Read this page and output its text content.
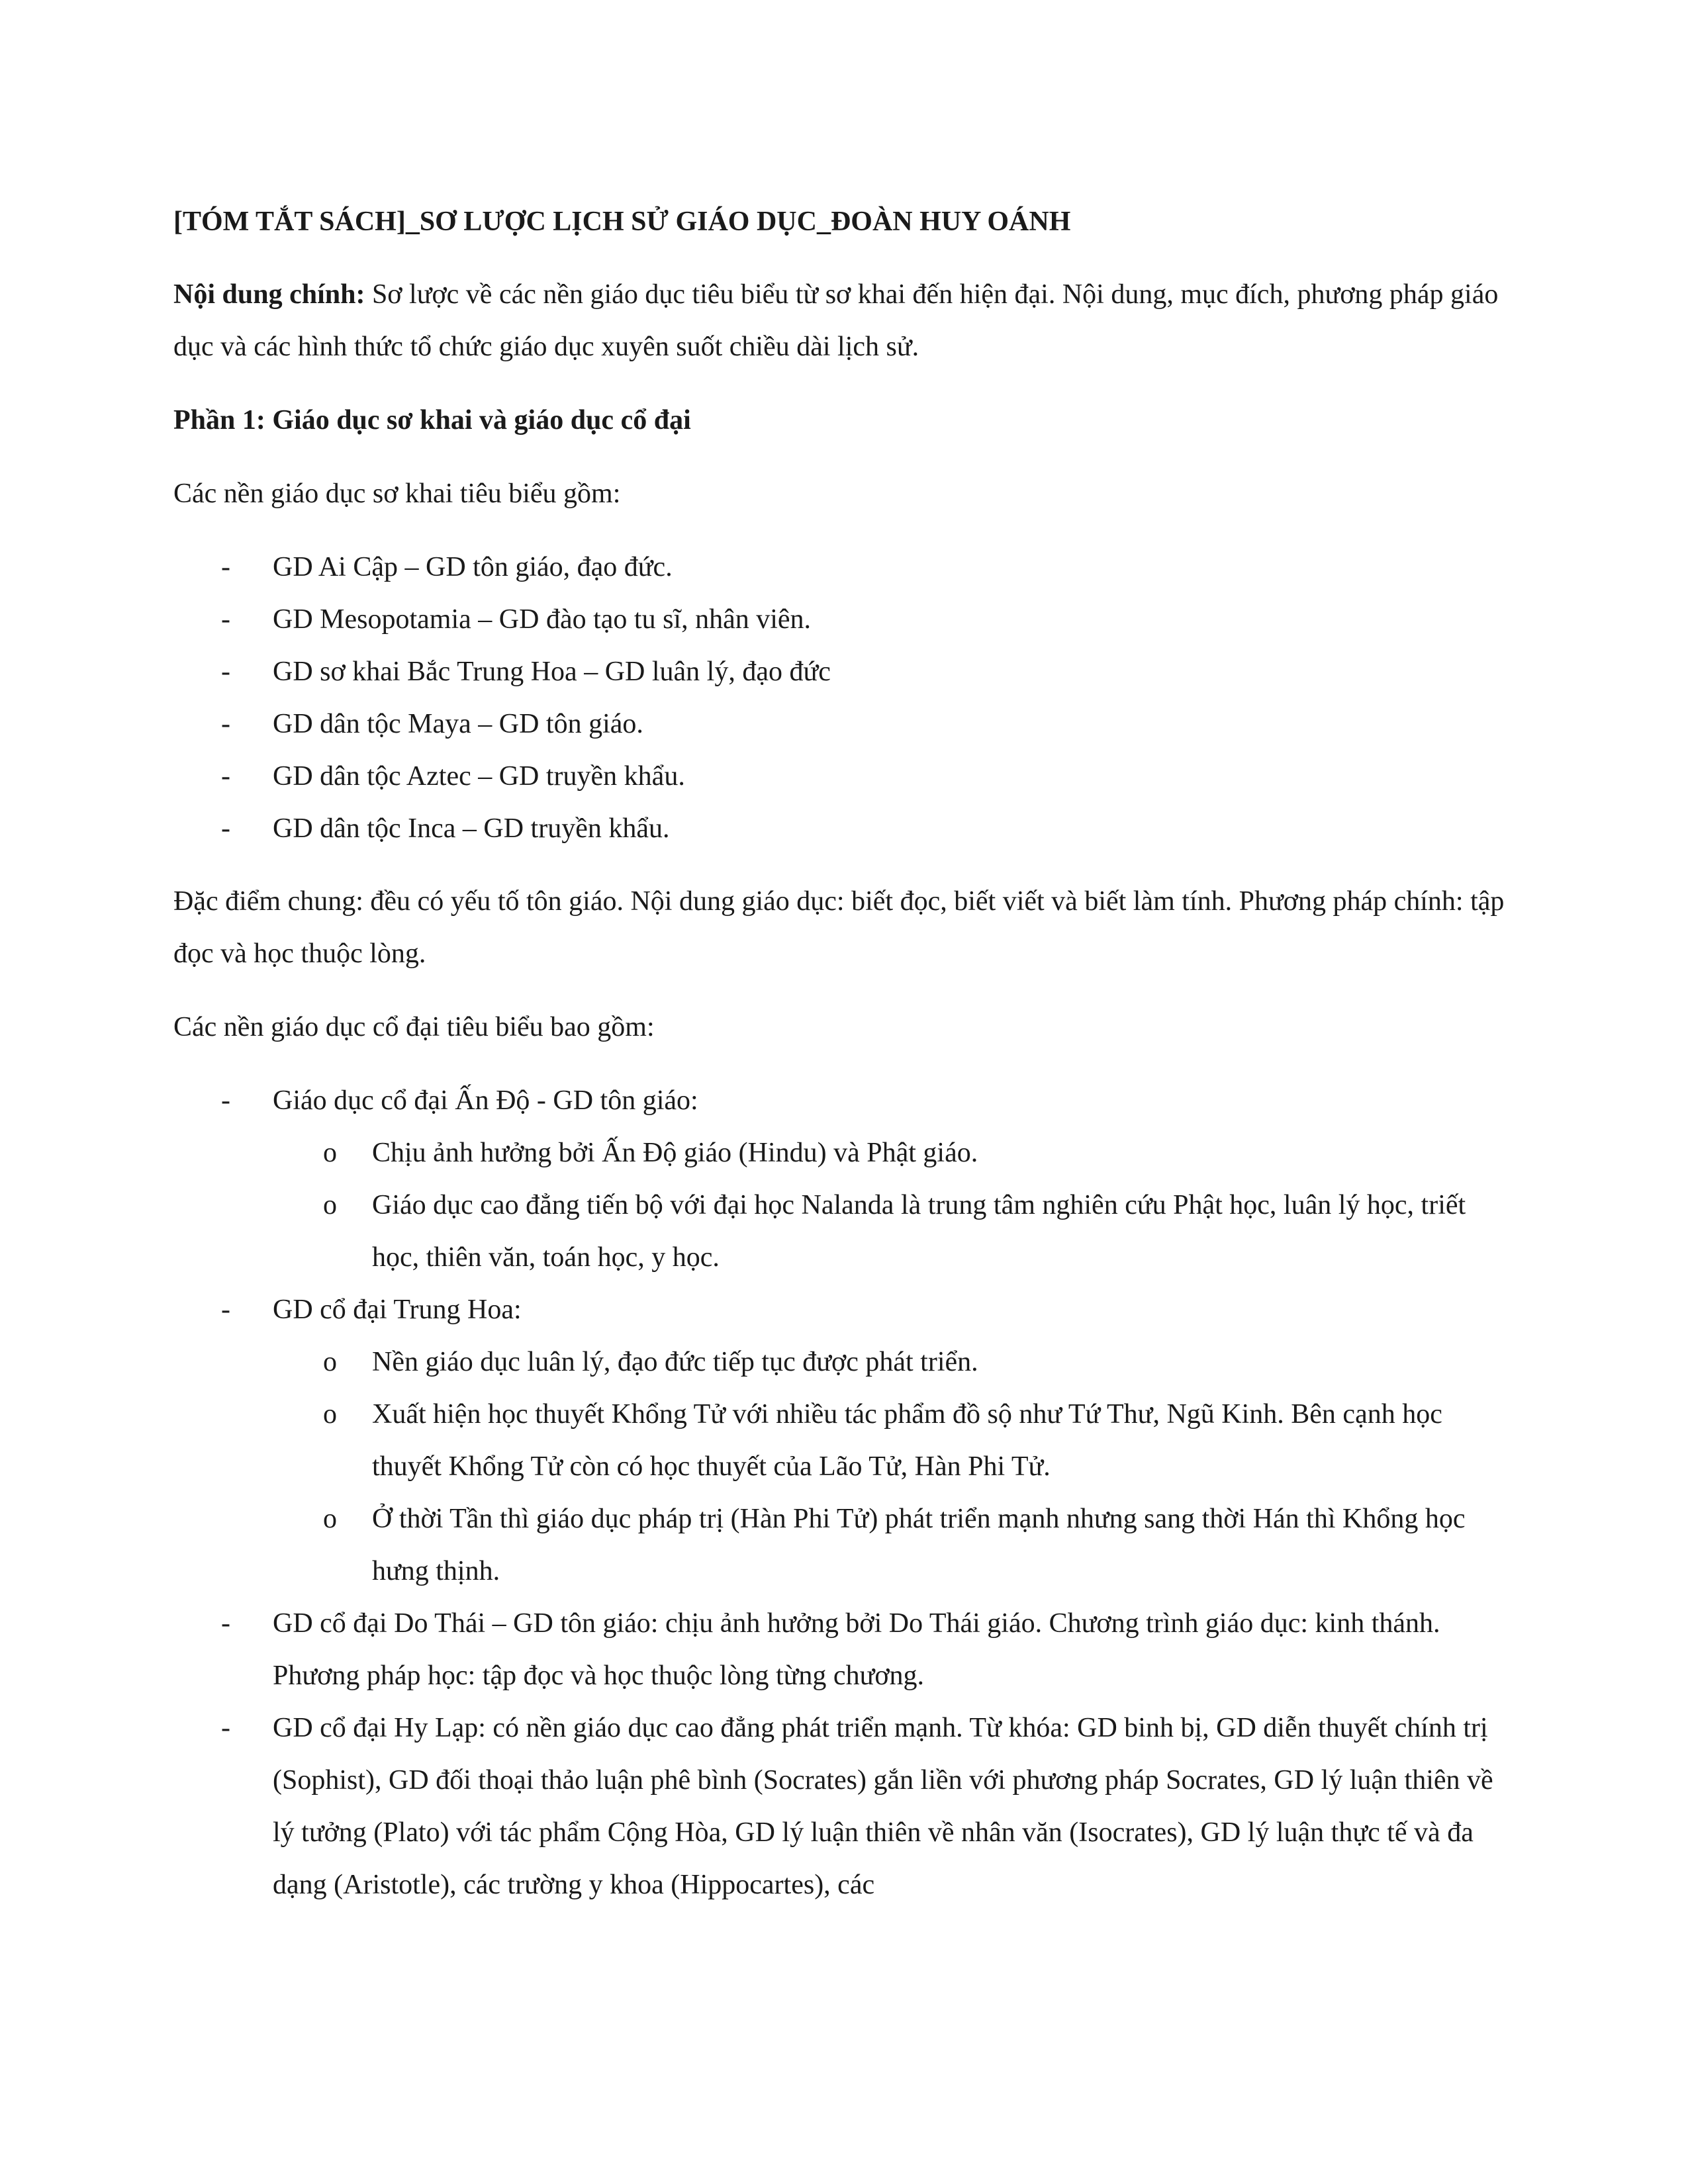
[TÓM TẮT SÁCH]_SƠ LƯỢC LỊCH SỬ GIÁO DỤC_ĐOÀN HUY OÁNH

Nội dung chính: Sơ lược về các nền giáo dục tiêu biểu từ sơ khai đến hiện đại. Nội dung, mục đích, phương pháp giáo dục và các hình thức tổ chức giáo dục xuyên suốt chiều dài lịch sử.

Phần 1: Giáo dục sơ khai và giáo dục cổ đại

Các nền giáo dục sơ khai tiêu biểu gồm:

- GD Ai Cập – GD tôn giáo, đạo đức.
- GD Mesopotamia – GD đào tạo tu sĩ, nhân viên.
- GD sơ khai Bắc Trung Hoa – GD luân lý, đạo đức
- GD dân tộc Maya – GD tôn giáo.
- GD dân tộc Aztec – GD truyền khẩu.
- GD dân tộc Inca – GD truyền khẩu.

Đặc điểm chung: đều có yếu tố tôn giáo. Nội dung giáo dục: biết đọc, biết viết và biết làm tính. Phương pháp chính: tập đọc và học thuộc lòng.

Các nền giáo dục cổ đại tiêu biểu bao gồm:

- Giáo dục cổ đại Ấn Độ - GD tôn giáo:
o Chịu ảnh hưởng bởi Ấn Độ giáo (Hindu) và Phật giáo.
o Giáo dục cao đẳng tiến bộ với đại học Nalanda là trung tâm nghiên cứu Phật học, luân lý học, triết học, thiên văn, toán học, y học.
- GD cổ đại Trung Hoa:
o Nền giáo dục luân lý, đạo đức tiếp tục được phát triển.
o Xuất hiện học thuyết Khổng Tử với nhiều tác phẩm đồ sộ như Tứ Thư, Ngũ Kinh. Bên cạnh học thuyết Khổng Tử còn có học thuyết của Lão Tử, Hàn Phi Tử.
o Ở thời Tần thì giáo dục pháp trị (Hàn Phi Tử) phát triển mạnh nhưng sang thời Hán thì Khổng học hưng thịnh.
- GD cổ đại Do Thái – GD tôn giáo: chịu ảnh hưởng bởi Do Thái giáo. Chương trình giáo dục: kinh thánh. Phương pháp học: tập đọc và học thuộc lòng từng chương.
- GD cổ đại Hy Lạp: có nền giáo dục cao đẳng phát triển mạnh. Từ khóa: GD binh bị, GD diễn thuyết chính trị (Sophist), GD đối thoại thảo luận phê bình (Socrates) gắn liền với phương pháp Socrates, GD lý luận thiên về lý tưởng (Plato) với tác phẩm Cộng Hòa, GD lý luận thiên về nhân văn (Isocrates), GD lý luận thực tế và đa dạng (Aristotle), các trường y khoa (Hippocartes), các
